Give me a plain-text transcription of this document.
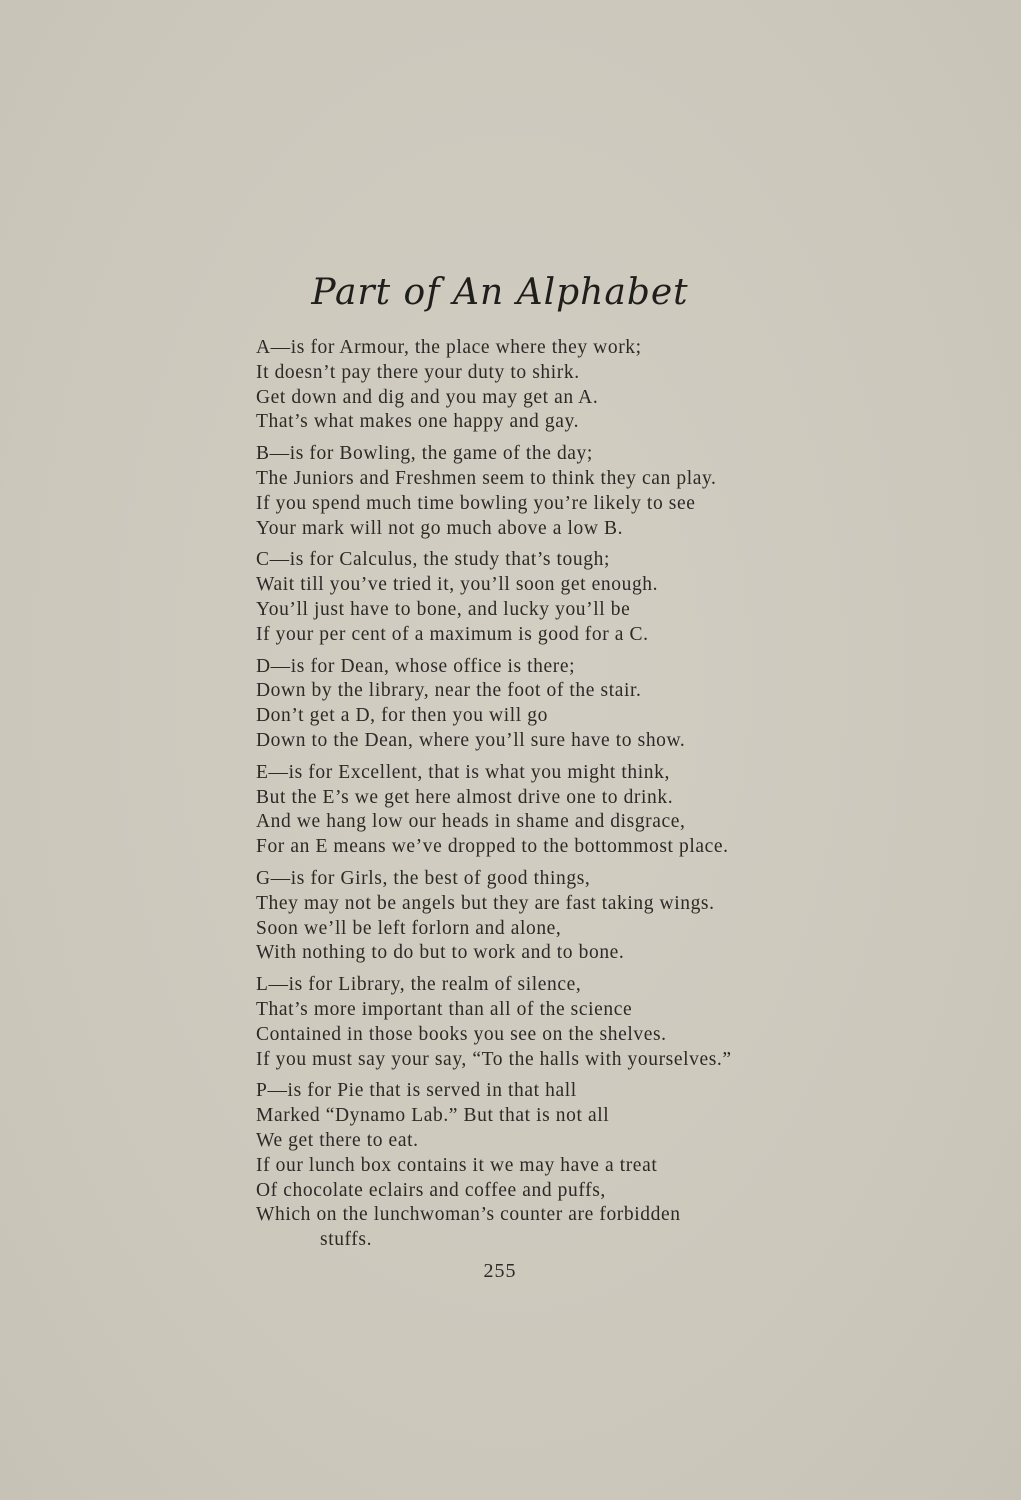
Part of An Alphabet
A—is for Armour, the place where they work;
It doesn’t pay there your duty to shirk.
Get down and dig and you may get an A.
That’s what makes one happy and gay.
B—is for Bowling, the game of the day;
The Juniors and Freshmen seem to think they can play.
If you spend much time bowling you’re likely to see
Your mark will not go much above a low B.
C—is for Calculus, the study that’s tough;
Wait till you’ve tried it, you’ll soon get enough.
You’ll just have to bone, and lucky you’ll be
If your per cent of a maximum is good for a C.
D—is for Dean, whose office is there;
Down by the library, near the foot of the stair.
Don’t get a D, for then you will go
Down to the Dean, where you’ll sure have to show.
E—is for Excellent, that is what you might think,
But the E’s we get here almost drive one to drink.
And we hang low our heads in shame and disgrace,
For an E means we’ve dropped to the bottommost place.
G—is for Girls, the best of good things,
They may not be angels but they are fast taking wings.
Soon we’ll be left forlorn and alone,
With nothing to do but to work and to bone.
L—is for Library, the realm of silence,
That’s more important than all of the science
Contained in those books you see on the shelves.
If you must say your say, “To the halls with yourselves.”
P—is for Pie that is served in that hall
Marked “Dynamo Lab.” But that is not all
We get there to eat.
If our lunch box contains it we may have a treat
Of chocolate eclairs and coffee and puffs,
Which on the lunchwoman’s counter are forbidden
stuffs.
255
